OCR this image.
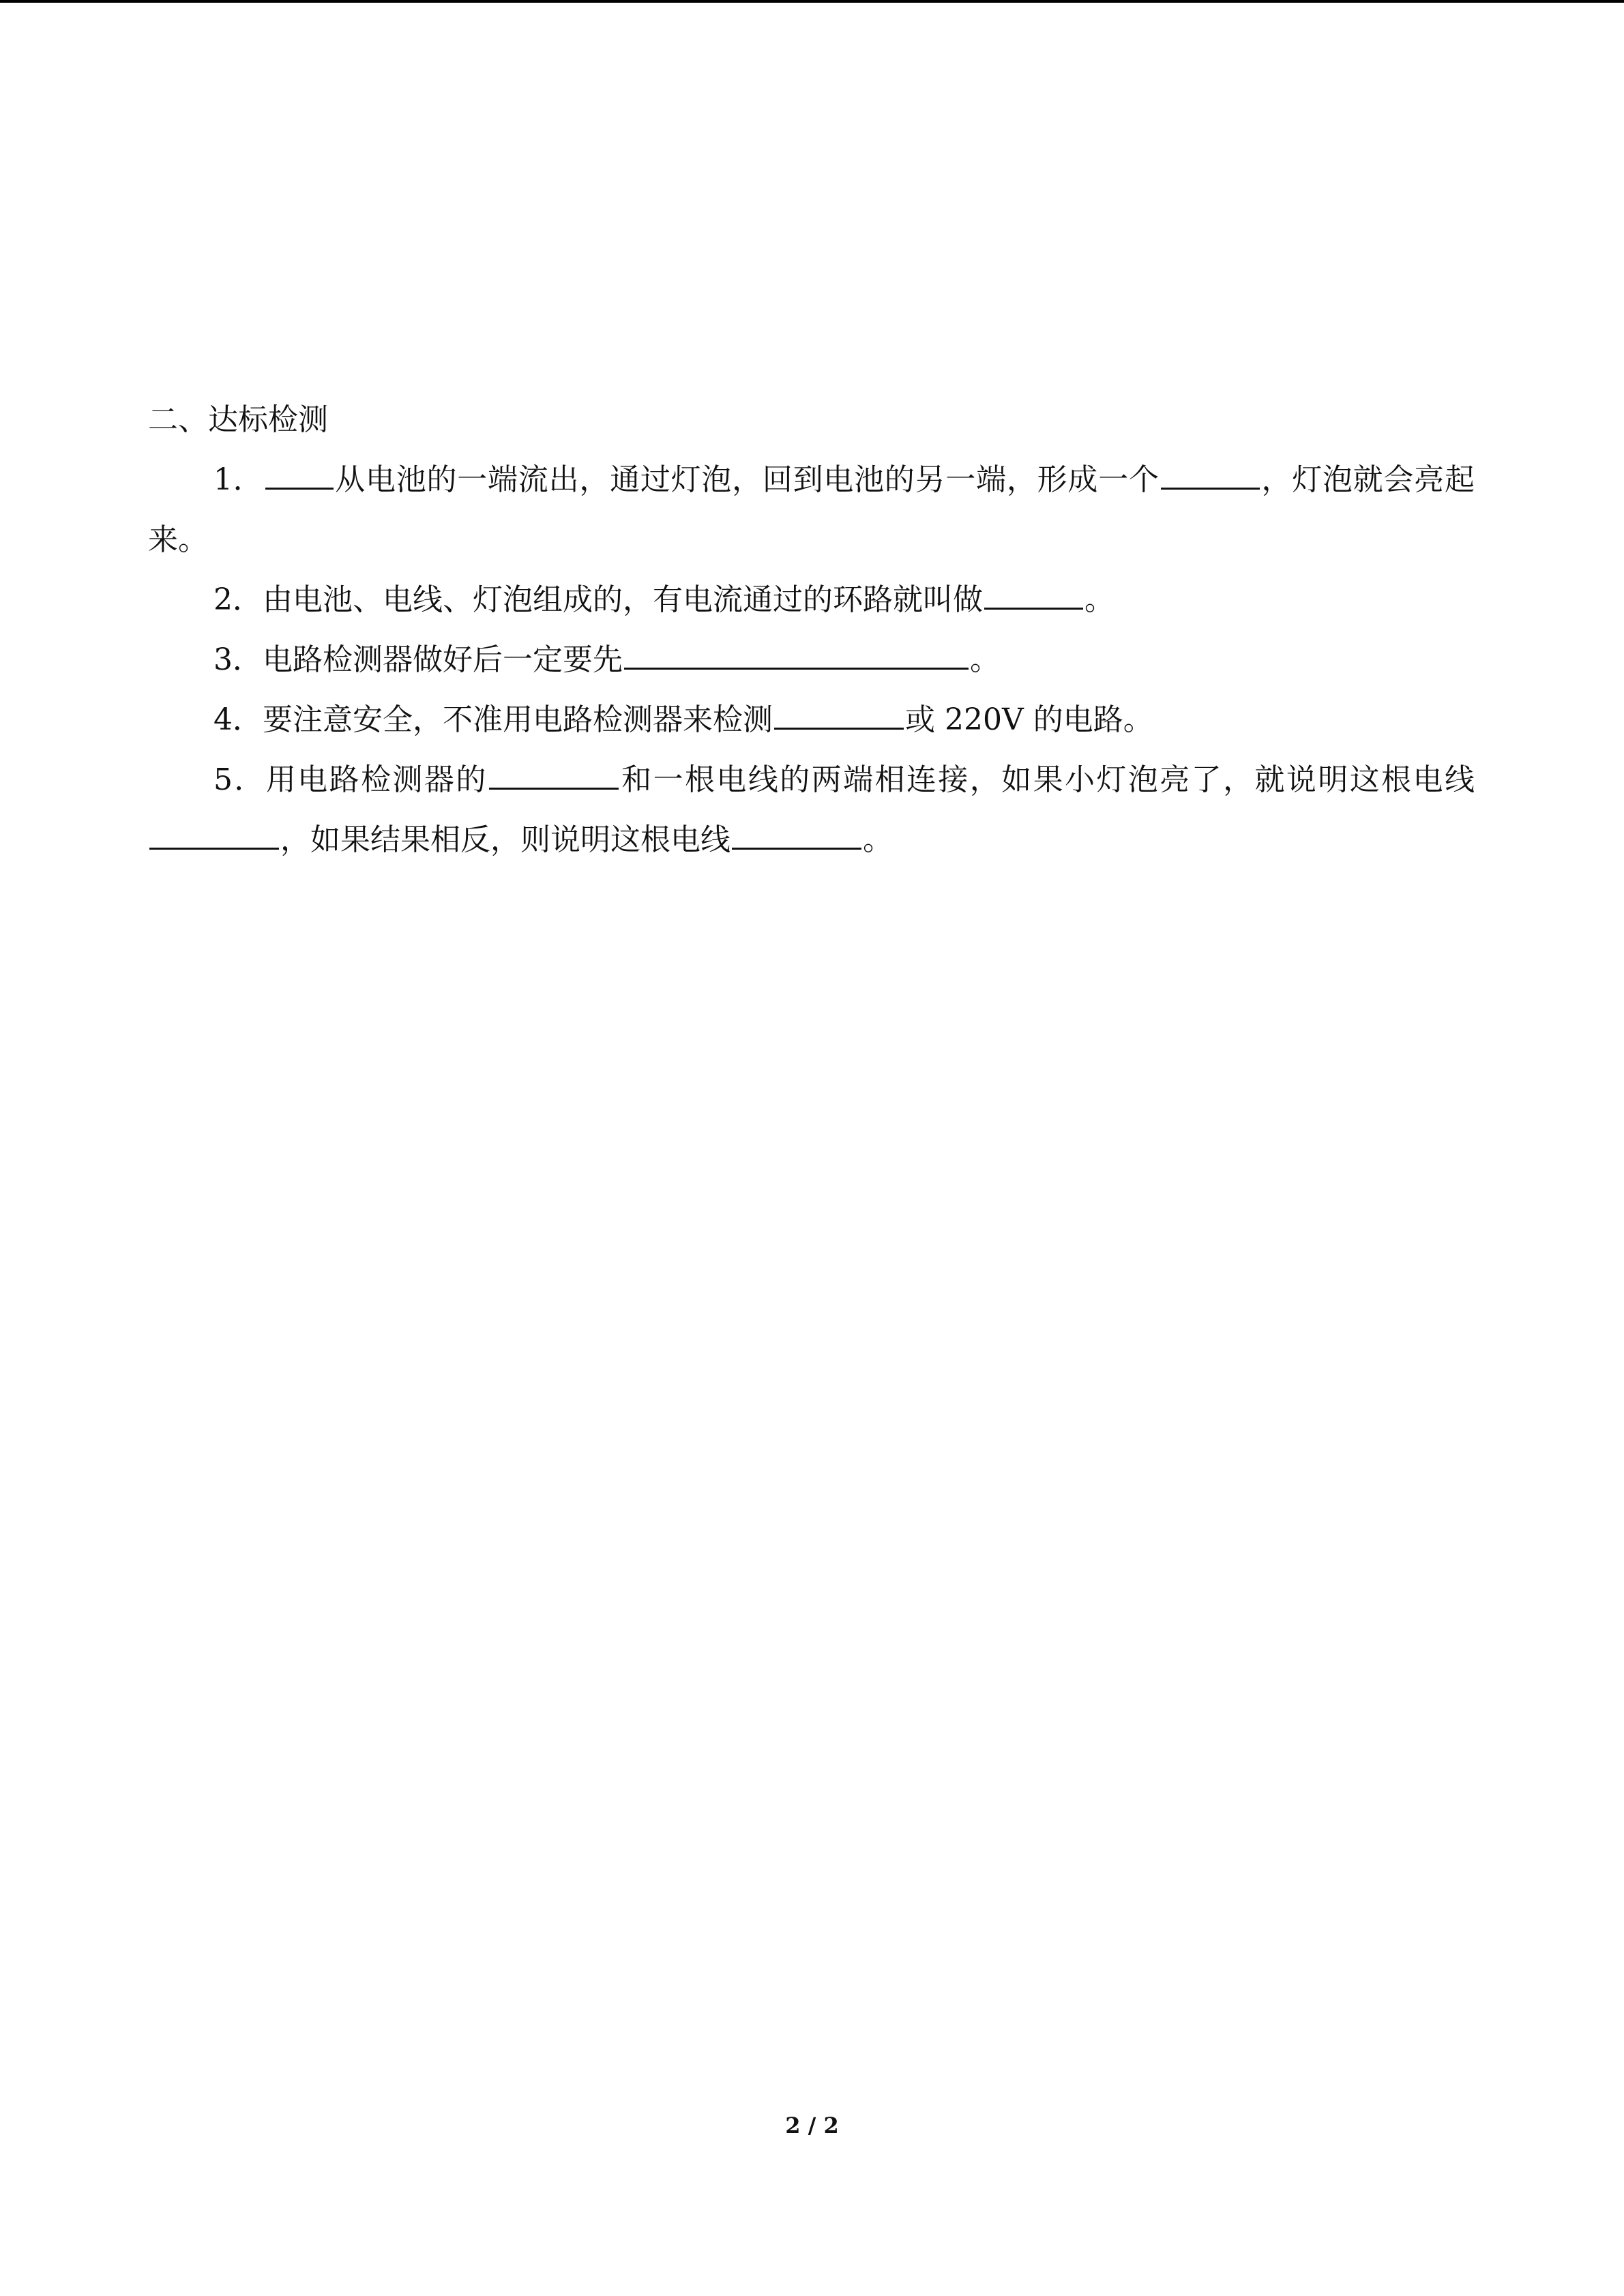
二、达标检测

1． 从电池的一端流出，通过灯泡，回到电池的另一端，形成一个	，灯泡就会亮起来。

2．由电池、电线、灯泡组成的，有电流通过的环路就叫做	。

3．电路检测器做好后一定要先	。

4．要注意安全，不准用电路检测器来检测	或 220V 的电路。

5．用电路检测器的	和一根电线的两端相连接，如果小灯泡亮了，就说明这根电线，如果结果相反，则说明这根电线	。

2 / 2
